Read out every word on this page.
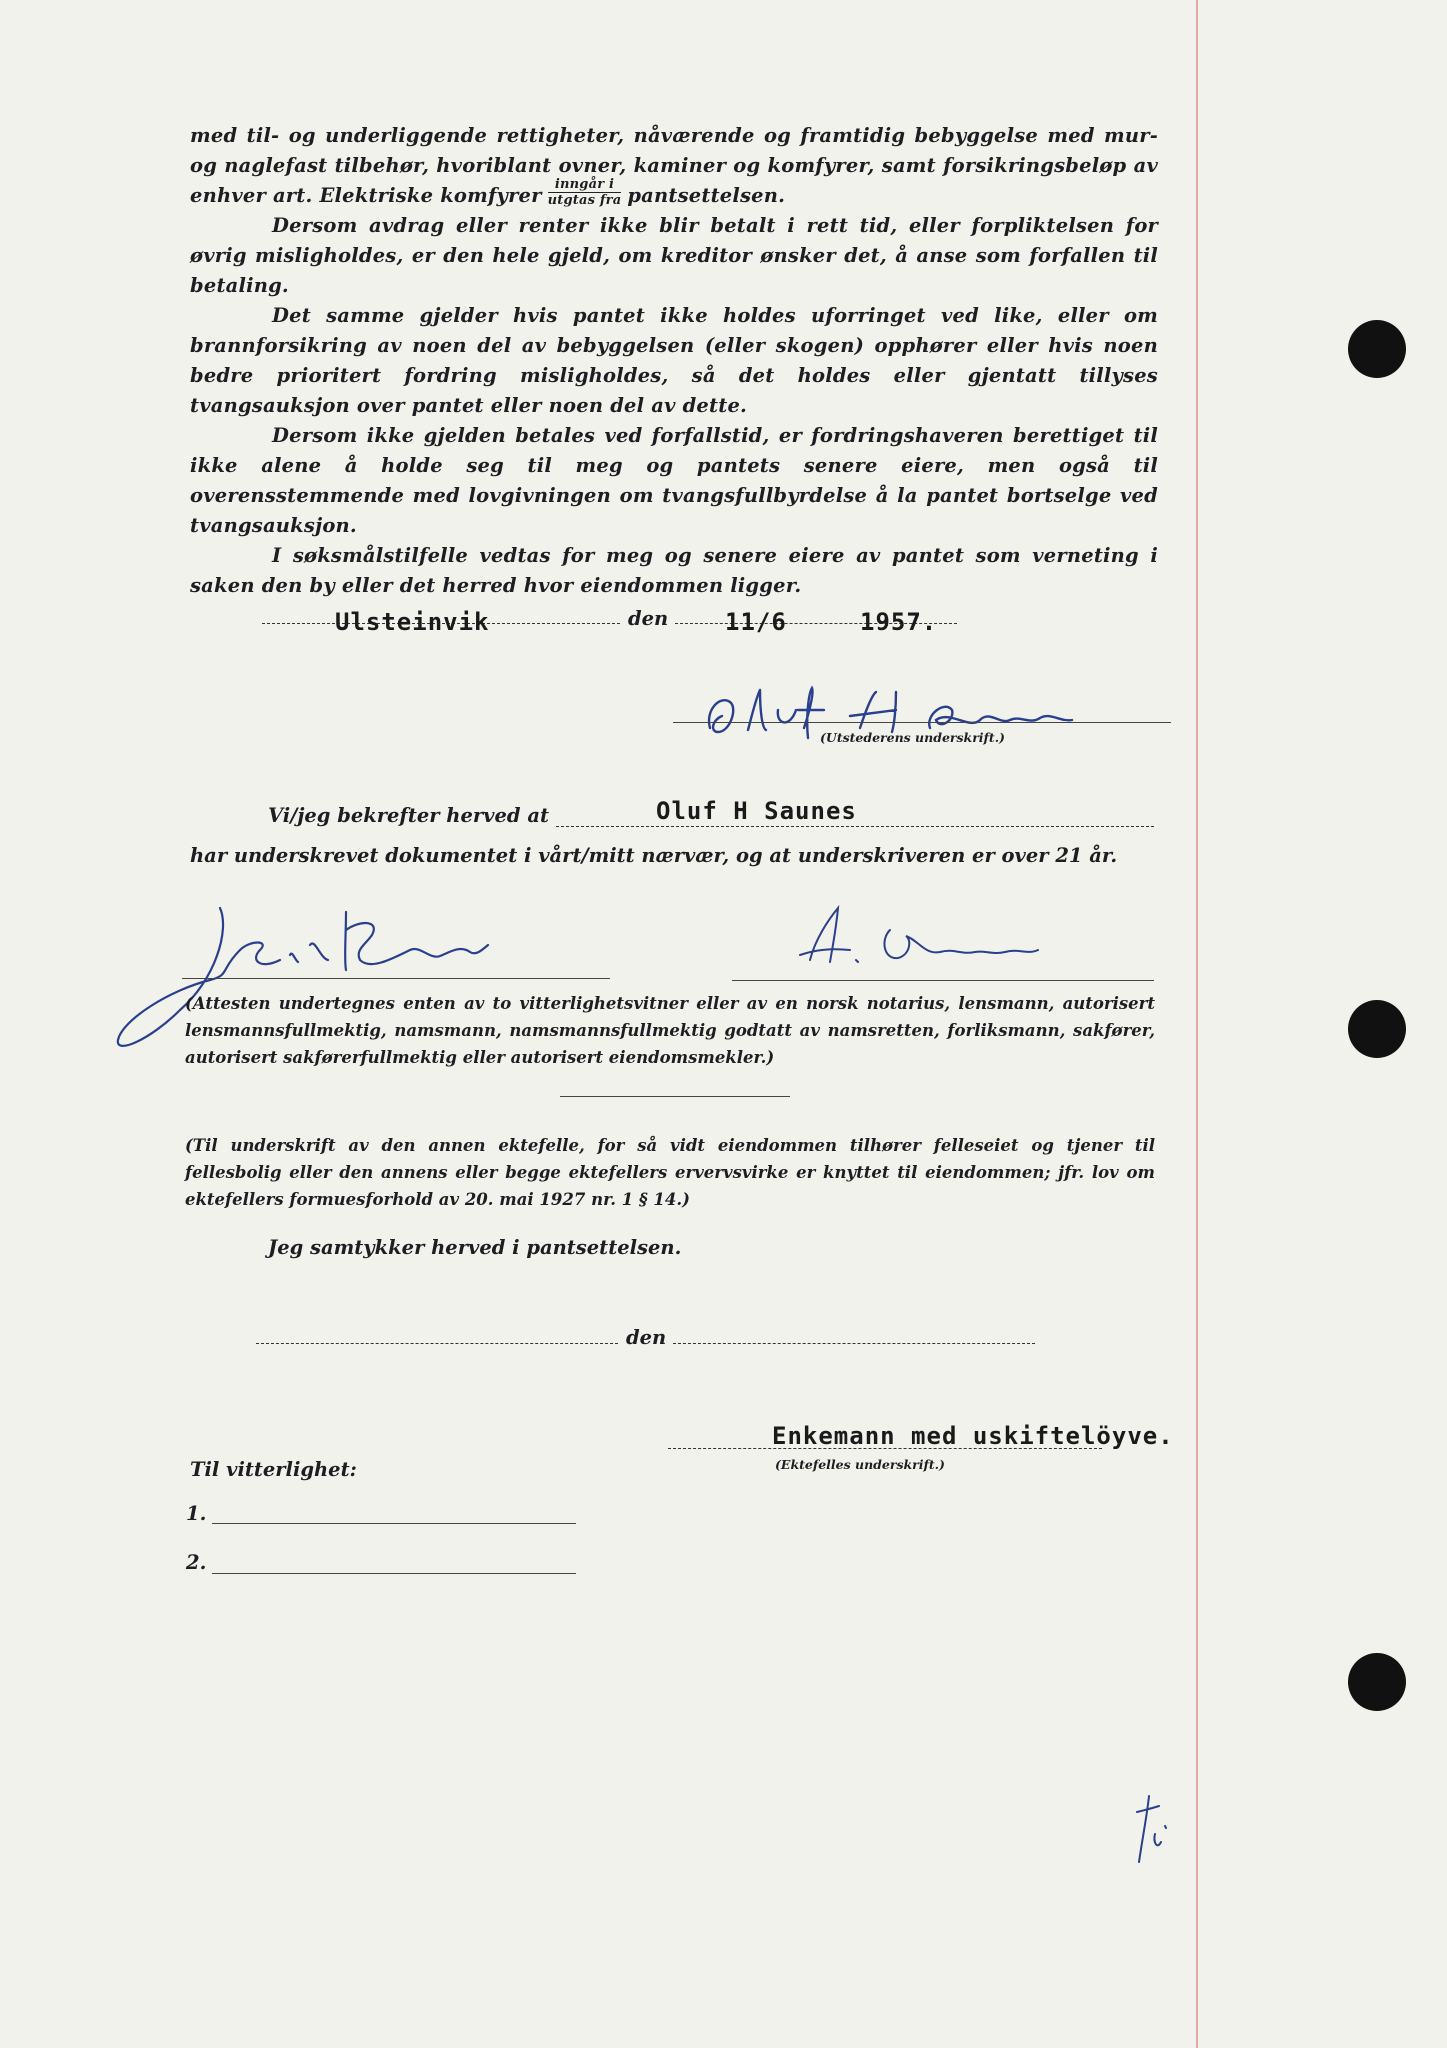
med til- og underliggende rettigheter, nåværende og framtidig bebyggelse med mur- og naglefast tilbehør, hvoriblant ovner, kaminer og komfyrer, samt forsikringsbeløp av enhver art. Elektriske komfyrer $\frac{\text{inngår i}}{\text{utgtas fra}}$ pantsettelsen.

Dersom avdrag eller renter ikke blir betalt i rett tid, eller forpliktelsen for øvrig misligholdes, er den hele gjeld, om kreditor ønsker det, å anse som forfallen til betaling.

Det samme gjelder hvis pantet ikke holdes uforringet ved like, eller om brannforsikring av noen del av bebyggelsen (eller skogen) opphører eller hvis noen bedre prioritert fordring misligholdes, så det holdes eller gjentatt tillyses tvangsauksjon over pantet eller noen del av dette.

Dersom ikke gjelden betales ved forfallstid, er fordringshaveren berettiget til ikke alene å holde seg til meg og pantets senere eiere, men også til overensstemmende med lovgivningen om tvangsfullbyrdelse å la pantet bortselge ved tvangsauksjon.

I søksmålstilfelle vedtas for meg og senere eiere av pantet som verneting i saken den by eller det herred hvor eiendommen ligger.

Ulsteinvik	den 11/6	1957.
(Utstederens underskrift.)
Vi/jeg bekrefter herved at	Oluf H Saunes
har underskrevet dokumentet i vårt/mitt nærvær, og at underskriveren er over 21 år.

(Attesten undertegnes enten av to vitterlighetsvitner eller av en norsk notarius, lensmann, autorisert lensmannsfullmektig, namsmann, namsmannsfullmektig godtatt av namsretten, forliksmann, sakfører, autorisert sakførerfullmektig eller autorisert eiendomsmekler.)

(Til underskrift av den annen ektefelle, for så vidt eiendommen tilhører felleseiet og tjener til fellesbolig eller den annens eller begge ektefellers ervervsvirke er knyttet til eiendommen; jfr. lov om ektefellers formuesforhold av 20. mai 1927 nr. 1 § 14.)

Jeg samtykker herved i pantsettelsen.
den
Enkemann med uskiftelöyve.
(Ektefelles underskrift.)
Til vitterlighet:
1.
2.
